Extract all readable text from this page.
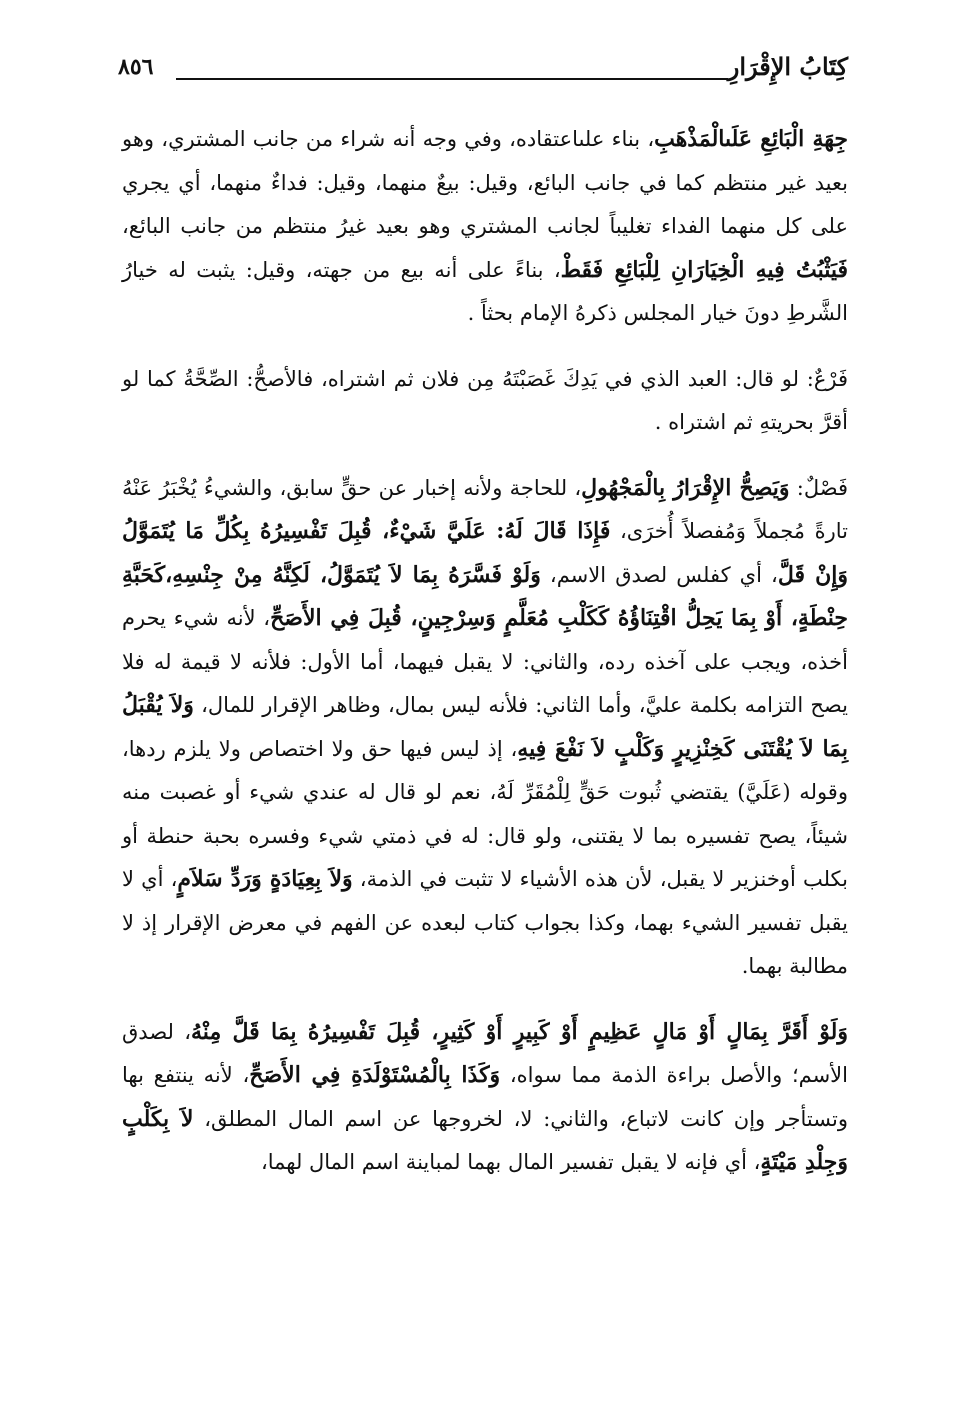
كِتَابُ الإِقْرَارِ
٨٥٦

جِهَةِ الْبَائِعِ عَلَىالْمَذْهَبِ، بناء علىاعتقاده، وفي وجه أنه شراء من جانب المشتري، وهو بعيد غير منتظم كما في جانب البائع، وقيل: بيعٌ منهما، وقيل: فداءٌ منهما، أي يجري على كل منهما الفداء تغليباً لجانب المشتري وهو بعيد غيرُ منتظم من جانب البائع، فَيَثْبُتُ فِيهِ الْخِيَارَانِ لِلْبَائِعِ فَقَطْ، بناءً على أنه بيع من جهته، وقيل: يثبت له خيارُ الشَّرطِ دونَ خيار المجلس ذكرهُ الإمام بحثاً .

فَرْعٌ: لو قال: العبد الذي في يَدِكَ غَصَبْتَهُ مِن فلان ثم اشتراه، فالأصحُّ: الصِّحَّةُ كما لو أقرَّ بحريتهِ ثم اشتراه .

فَصْلٌ: وَيَصِحُّ الإِقْرَارُ بِالْمَجْهُولِ، للحاجة ولأنه إخبار عن حقٍّ سابق، والشيءُ يُخْبَرُ عَنْهُ تارةً مُجملاً وَمُفصلاً أُخرَى، فَإِذَا قَالَ لَهُ: عَلَيَّ شَيْءٌ، قُبِلَ تَفْسِيرُهُ بِكُلِّ مَا يُتَمَوَّلُ وَإِنْ قَلَّ، أي كفلس لصدق الاسم، وَلَوْ فَسَّرَهُ بِمَا لاَ يُتَمَوَّلُ، لَكِنَّهُ مِنْ جِنْسِهِ،كَحَبَّةِ حِنْطَةٍ، أَوْ بِمَا يَحِلُّ اقْتِنَاؤُهُ كَكَلْبِ مُعَلَّمٍ وَسِرْجِينٍ، قُبِلَ فِي الأَصَحِّ، لأنه شيء يحرم أخذه، ويجب على آخذه رده، والثاني: لا يقبل فيهما، أما الأول: فلأنه لا قيمة له فلا يصح التزامه بكلمة عليَّ، وأما الثاني: فلأنه ليس بمال، وظاهر الإقرار للمال، وَلاَ يُقْبَلُ بِمَا لاَ يُقْتَنَى كَخِنْزِيرٍ وَكَلْبٍ لاَ نَفْعَ فِيهِ، إذ ليس فيها حق ولا اختصاص ولا يلزم ردها، وقوله (عَلَيَّ) يقتضي ثُبوت حَقٍّ لِلْمُقَرِّ لَهُ، نعم لو قال له عندي شيء أو غصبت منه شيئاً، يصح تفسيره بما لا يقتنى، ولو قال: له في ذمتي شيء وفسره بحبة حنطة أو بكلب أوخنزير لا يقبل، لأن هذه الأشياء لا تثبت في الذمة، وَلاَ بِعِيَادَةٍ وَرَدِّ سَلاَمٍ، أي لا يقبل تفسير الشيء بهما، وكذا بجواب كتاب لبعده عن الفهم في معرض الإقرار إذ لا مطالبة بهما.

وَلَوْ أَقَرَّ بِمَالٍ أَوْ مَالٍ عَظِيمٍ أَوْ كَبِيرٍ أَوْ كَثِيرٍ، قُبِلَ تَفْسِيرُهُ بِمَا قَلَّ مِنْهُ، لصدق الأسم؛ والأصل براءة الذمة مما سواه، وَكَذَا بِالْمُسْتَوْلَدَةِ فِي الأَصَحِّ، لأنه ينتفع بها وتستأجر وإن كانت لاتباع، والثاني: لا، لخروجها عن اسم المال المطلق، لاَ بِكَلْبٍ وَجِلْدِ مَيْتَةٍ، أي فإنه لا يقبل تفسير المال بهما لمباينة اسم المال لهما،
